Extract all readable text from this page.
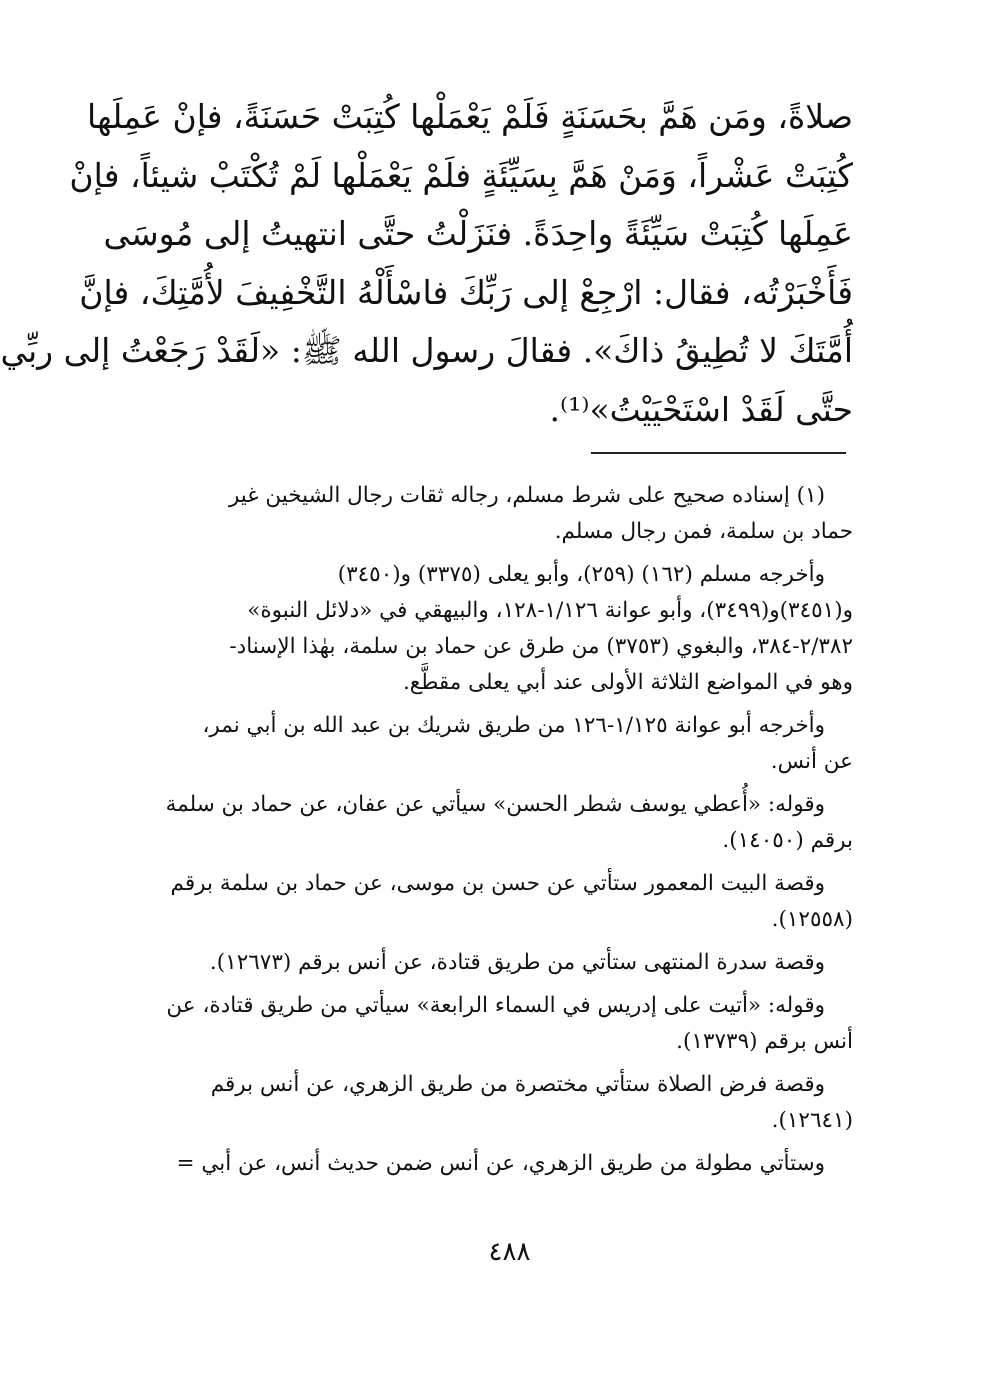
صلاةً، ومَن هَمَّ بحَسَنَةٍ فَلَمْ يَعْمَلْها كُتِبَتْ حَسَنَةً، فإنْ عَمِلَها
كُتِبَتْ عَشْراً، وَمَنْ هَمَّ بِسَيِّئَةٍ فلَمْ يَعْمَلْها لَمْ تُكْتَبْ شيئاً، فإنْ
عَمِلَها كُتِبَتْ سَيِّئَةً واحِدَةً. فنَزَلْتُ حتَّى انتهيتُ إلى مُوسَى
فَأَخْبَرْتُه، فقال: ارْجِعْ إلى رَبِّكَ فاسْأَلْهُ التَّخْفِيفَ لأُمَّتِكَ، فإنَّ
أُمَّتَكَ لا تُطِيقُ ذاكَ». فقالَ رسول الله ﷺ: «لَقَدْ رَجَعْتُ إلى ربِّي
حتَّى لَقَدْ اسْتَحْيَيْتُ»⁽¹⁾.
(١) إسناده صحيح على شرط مسلم، رجاله ثقات رجال الشيخين غير
حماد بن سلمة، فمن رجال مسلم.
وأخرجه مسلم (١٦٢) (٢٥٩)، وأبو يعلى (٣٣٧٥) و(٣٤٥٠)
و(٣٤٥١)و(٣٤٩٩)، وأبو عوانة ١/١٢٦-١٢٨، والبيهقي في «دلائل النبوة»
٢/٣٨٢-٣٨٤، والبغوي (٣٧٥٣) من طرق عن حماد بن سلمة، بهٰذا الإسناد-
وهو في المواضع الثلاثة الأولى عند أبي يعلى مقطَّع.
وأخرجه أبو عوانة ١/١٢٥-١٢٦ من طريق شريك بن عبد الله بن أبي نمر،
عن أنس.
وقوله: «أُعطي يوسف شطر الحسن» سيأتي عن عفان، عن حماد بن سلمة
برقم (١٤٠٥٠).
وقصة البيت المعمور ستأتي عن حسن بن موسى، عن حماد بن سلمة برقم
(١٢٥٥٨).
وقصة سدرة المنتهى ستأتي من طريق قتادة، عن أنس برقم (١٢٦٧٣).
وقوله: «أتيت على إدريس في السماء الرابعة» سيأتي من طريق قتادة، عن
أنس برقم (١٣٧٣٩).
وقصة فرض الصلاة ستأتي مختصرة من طريق الزهري، عن أنس برقم
(١٢٦٤١).
وستأتي مطولة من طريق الزهري، عن أنس ضمن حديث أنس، عن أبي =
٤٨٨
